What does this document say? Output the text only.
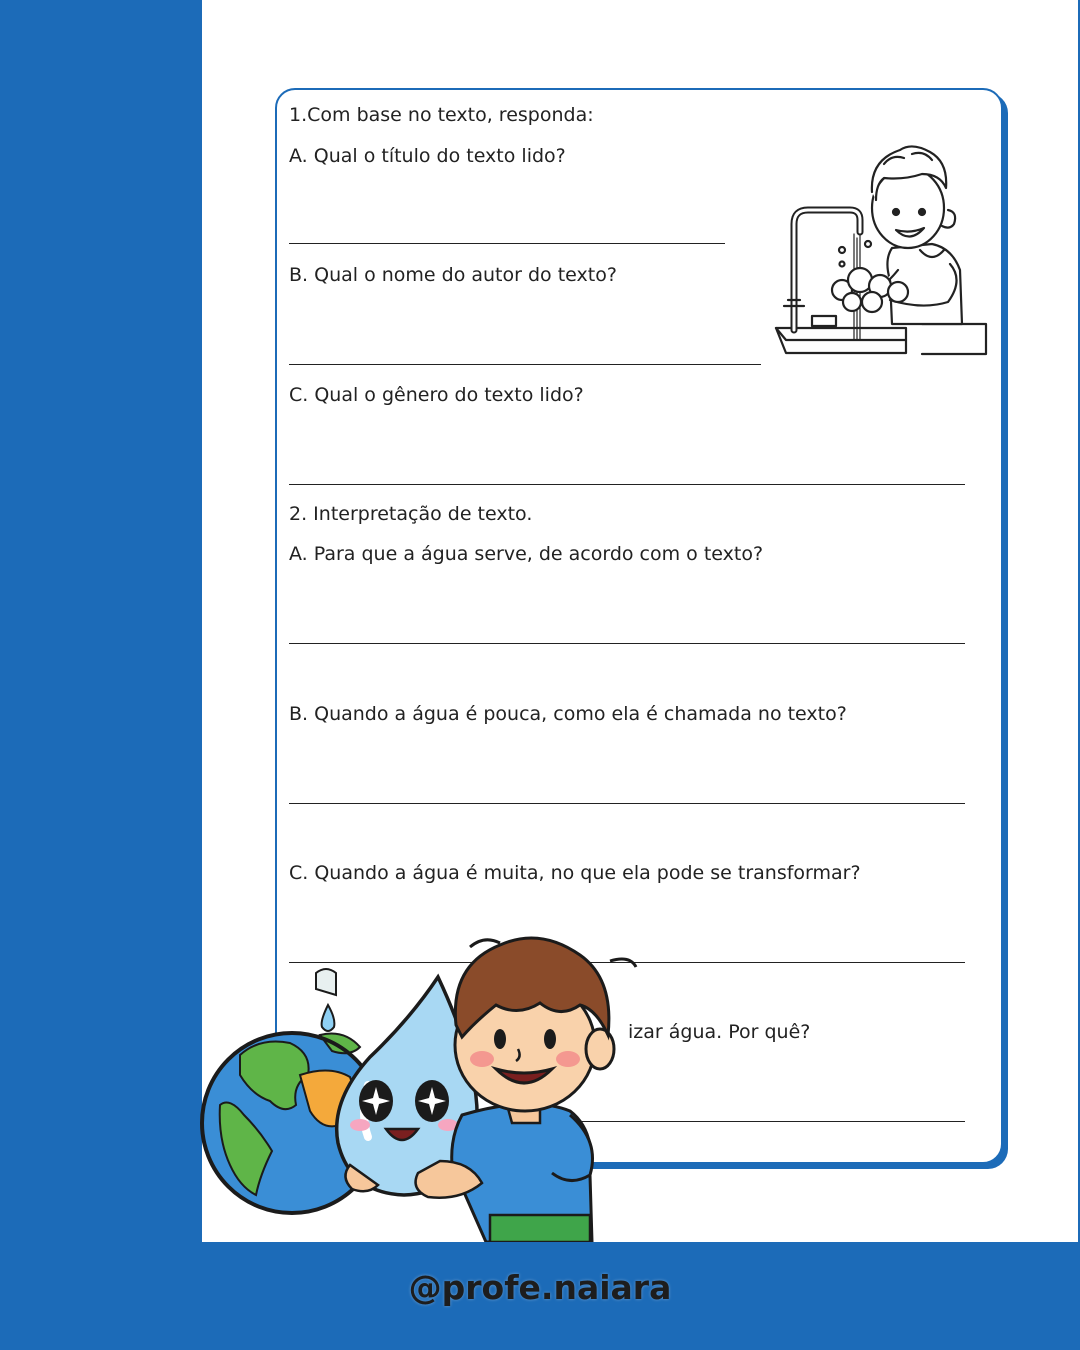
1.Com base no texto, responda:
A. Qual o título do texto lido?
B. Qual o nome do autor do texto?
C. Qual o gênero do texto lido?
2. Interpretação de texto.
A. Para que a água serve, de acordo com o texto?
B. Quando a água é pouca, como ela é chamada no texto?
C. Quando a água é muita, no que ela pode se transformar?
izar água. Por quê?
@profe.naiara
